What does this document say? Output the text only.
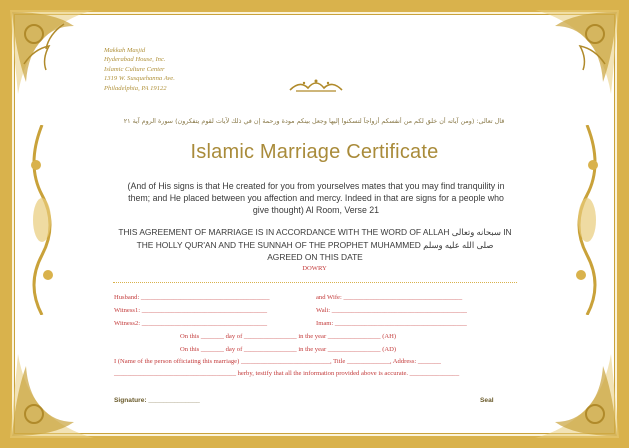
Makkah Masjid
Hyderabad House, Inc.
Islamic Culture Center
1319 W. Susquehanna Ave.
Philadelphia, PA 19122
قال تعالى: (ومن آياته أن خلق لكم من أنفسكم أزواجاً لتسكنوا إليها وجعل بينكم مودة ورحمة إن في ذلك لآيات لقوم يتفكرون) سورة الروم آية ٢١
Islamic Marriage Certificate
(And of His signs is that He created for you from yourselves mates that you may find tranquility in
them; and He placed between you affection and mercy. Indeed in that are signs for a people who
give thought) Al Room, Verse 21
THIS AGREEMENT OF MARRIAGE IS IN ACCORDANCE WITH THE WORD OF ALLAH سبحانه وتعالى IN
THE HOLLY QUR'AN AND THE SUNNAH OF THE PROPHET MUHAMMED صلى الله عليه وسلم
AGREED ON THIS DATE
DOWRY
Husband: _______________________________________	and Wife: ____________________________________
Witness1: ______________________________________	Wali: _________________________________________
Witness2: ______________________________________	Imam: ________________________________________
On this _______ day of ________________ in the year ________________ (AH)
On this _______ day of ________________ in the year ________________ (AD)
I (Name of the person officiating this marriage) ___________________________, Title _____________, Address: _______
_____________________________________ herby, testify that all the information provided above is accurate. _______________
Signature: ______________	Seal
